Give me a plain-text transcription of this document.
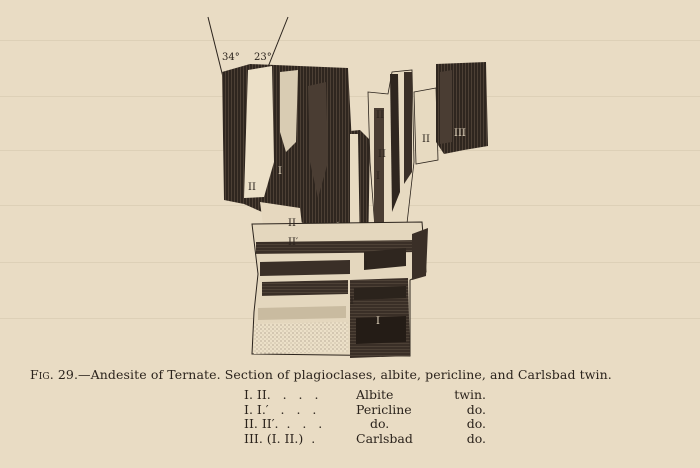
34° 23°
II
I
II
I
II
II
II
II′
I
I
I
III
Fig. 29.—Andesite of Ternate. Section of plagioclases, albite, pericline, and Carlsbad twin.
I. II.   .   .   .	Albite	twin.
I. I.′   .   .   .	Pericline	do.
II. II′.  .   .   .	do.	do.
III. (I. II.)  .	Carlsbad	do.
